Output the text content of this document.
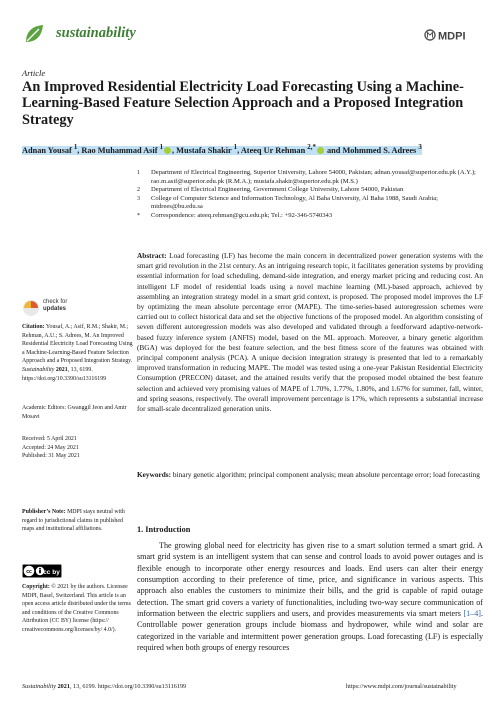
sustainability	MDPI
Article
An Improved Residential Electricity Load Forecasting Using a Machine-Learning-Based Feature Selection Approach and a Proposed Integration Strategy
Adnan Yousaf $^1$, Rao Muhammad Asif $^1$ , Mustafa Shakir $^1$, Ateeq Ur Rehman $^{2,*}$ and Mohmmed S. Adrees $^3$
1 Department of Electrical Engineering, Superior University, Lahore 54000, Pakistan; adnan.yousaf@superior.edu.pk (A.Y.); rao.m.asif@superior.edu.pk (R.M.A.); mustafa.shakir@superior.edu.pk (M.S.)
2 Department of Electrical Engineering, Government College University, Lahore 54000, Pakistan
3 College of Computer Science and Information Technology, Al Baha University, Al Baha 1988, Saudi Arabia; midrees@bu.edu.sa
* Correspondence: ateeq.rehman@gcu.edu.pk; Tel.: +92-346-5740343
check for
updates
Citation: Yousaf, A.; Asif, R.M.; Shakir, M.; Rehman, A.U.; S. Adrees, M. An Improved Residential Electricity Load Forecasting Using a Machine-Learning-Based Feature Selection Approach and a Proposed Integration Strategy. Sustainability 2021, 13, 6199. https://doi.org/10.3390/su13116199
Academic Editors: Gwanggil Jeon and Amir Mosavi
Received: 5 April 2021
Accepted: 24 May 2021
Published: 31 May 2021
Publisher’s Note: MDPI stays neutral with regard to jurisdictional claims in published maps and institutional affiliations.
cc cc by
Copyright: © 2021 by the authors. Licensee MDPI, Basel, Switzerland. This article is an open access article distributed under the terms and conditions of the Creative Commons Attribution (CC BY) license (https:// creativecommons.org/licenses/by/ 4.0/).
Abstract: Load forecasting (LF) has become the main concern in decentralized power generation systems with the smart grid revolution in the 21st century. As an intriguing research topic, it facilitates generation systems by providing essential information for load scheduling, demand-side integration, and energy market pricing and reducing cost. An intelligent LF model of residential loads using a novel machine learning (ML)-based approach, achieved by assembling an integration strategy model in a smart grid context, is proposed. The proposed model improves the LF by optimizing the mean absolute percentage error (MAPE). The time-series-based autoregression schemes were carried out to collect historical data and set the objective functions of the proposed model. An algorithm consisting of seven different autoregression models was also developed and validated through a feedforward adaptive-network-based fuzzy inference system (ANFIS) model, based on the ML approach. Moreover, a binary genetic algorithm (BGA) was deployed for the best feature selection, and the best fitness score of the features was obtained with principal component analysis (PCA). A unique decision integration strategy is presented that led to a remarkably improved transformation in reducing MAPE. The model was tested using a one-year Pakistan Residential Electricity Consumption (PRECON) dataset, and the attained results verify that the proposed model obtained the best feature selection and achieved very promising values of MAPE of 1.70%, 1.77%, 1.80%, and 1.67% for summer, fall, winter, and spring seasons, respectively. The overall improvement percentage is 17%, which represents a substantial increase for small-scale decentralized generation units.
Keywords: binary genetic algorithm; principal component analysis; mean absolute percentage error; load forecasting
1. Introduction
The growing global need for electricity has given rise to a smart solution termed a smart grid. A smart grid system is an intelligent system that can sense and control loads to avoid power outages and is flexible enough to incorporate other energy resources and loads. End users can alter their energy consumption according to their preference of time, price, and significance in various aspects. This approach also enables the customers to minimize their bills, and the grid is capable of rapid outage detection. The smart grid covers a variety of functionalities, including two-way secure communication of information between the electric suppliers and users, and provides measurements via smart meters [1–4]. Controllable power generation groups include biomass and hydropower, while wind and solar are categorized in the variable and intermittent power generation groups. Load forecasting (LF) is especially required when both groups of energy resources
Sustainability 2021, 13, 6199. https://doi.org/10.3390/su13116199	https://www.mdpi.com/journal/sustainability
